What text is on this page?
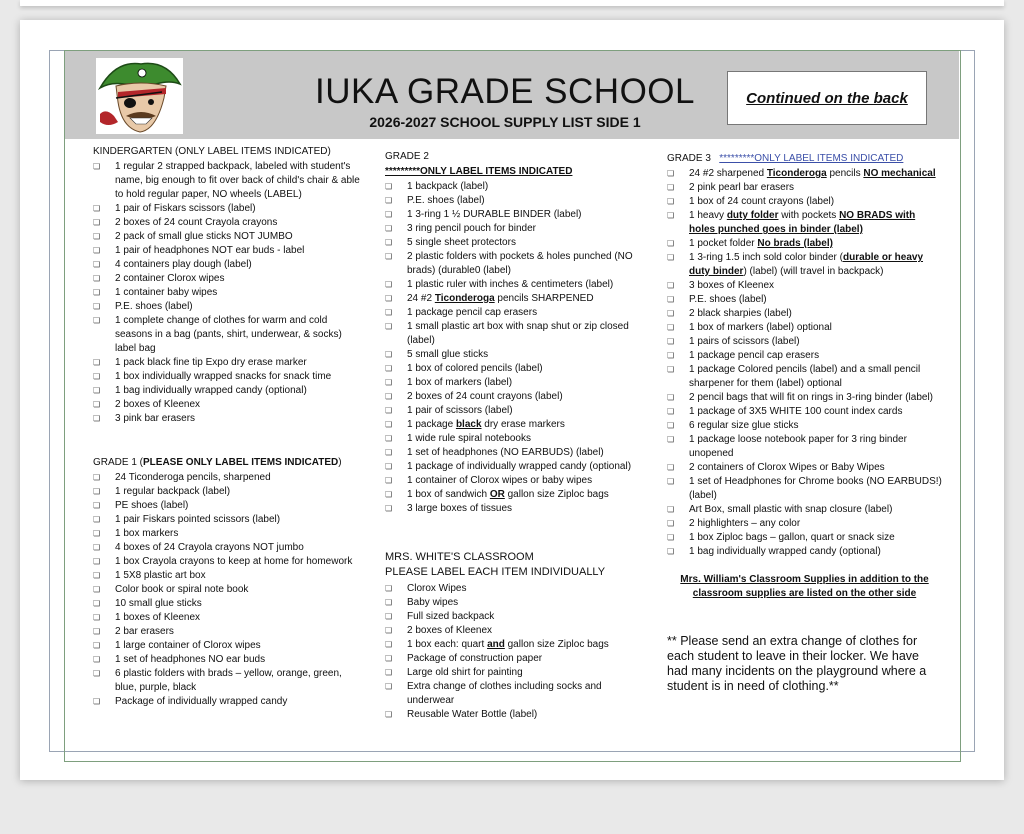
IUKA GRADE SCHOOL
2026-2027 SCHOOL SUPPLY LIST SIDE 1
Continued on the back
KINDERGARTEN (ONLY LABEL ITEMS INDICATED)
❏ 1 regular 2 strapped backpack, labeled with student's name, big enough to fit over back of child's chair & able to hold regular paper, NO wheels (LABEL)
❏ 1 pair of Fiskars scissors (label)
❏ 2 boxes of 24 count Crayola crayons
❏ 2 pack of small glue sticks NOT JUMBO
❏ 1 pair of headphones NOT ear buds - label
❏ 4 containers play dough (label)
❏ 2 container Clorox wipes
❏ 1 container baby wipes
❏ P.E. shoes (label)
❏ 1 complete change of clothes for warm and cold seasons in a bag (pants, shirt, underwear, & socks) label bag
❏ 1 pack black fine tip Expo dry erase marker
❏ 1 box individually wrapped snacks for snack time
❏ 1 bag individually wrapped candy (optional)
❏ 2 boxes of Kleenex
❏ 3 pink bar erasers
GRADE 1 (PLEASE ONLY LABEL ITEMS INDICATED)
❏ 24 Ticonderoga pencils, sharpened
❏ 1 regular backpack (label)
❏ PE shoes (label)
❏ 1 pair Fiskars pointed scissors (label)
❏ 1 box markers
❏ 4 boxes of 24 Crayola crayons NOT jumbo
❏ 1 box Crayola crayons to keep at home for homework
❏ 1 5X8 plastic art box
❏ Color book or spiral note book
❏ 10 small glue sticks
❏ 1 boxes of Kleenex
❏ 2 bar erasers
❏ 1 large container of Clorox wipes
❏ 1 set of headphones NO ear buds
❏ 6 plastic folders with brads – yellow, orange, green, blue, purple, black
❏ Package of individually wrapped candy
GRADE 2
*********ONLY LABEL ITEMS INDICATED
❏ 1 backpack (label)
❏ P.E. shoes (label)
❏ 1 3-ring 1 ½ DURABLE BINDER (label)
❏ 3 ring pencil pouch for binder
❏ 5 single sheet protectors
❏ 2 plastic folders with pockets & holes punched (NO brads) (durable0 (label)
❏ 1 plastic ruler with inches & centimeters (label)
❏ 24 #2 Ticonderoga pencils SHARPENED
❏ 1 package pencil cap erasers
❏ 1 small plastic art box with snap shut or zip closed (label)
❏ 5 small glue sticks
❏ 1 box of colored pencils (label)
❏ 1 box of markers (label)
❏ 2 boxes of 24 count crayons (label)
❏ 1 pair of scissors (label)
❏ 1 package black dry erase markers
❏ 1 wide rule spiral notebooks
❏ 1 set of headphones (NO EARBUDS) (label)
❏ 1 package of individually wrapped candy (optional)
❏ 1 container of Clorox wipes or baby wipes
❏ 1 box of sandwich OR gallon size Ziploc bags
❏ 3 large boxes of tissues
MRS. WHITE'S CLASSROOM
PLEASE LABEL EACH ITEM INDIVIDUALLY
❏ Clorox Wipes
❏ Baby wipes
❏ Full sized backpack
❏ 2 boxes of Kleenex
❏ 1 box each: quart and gallon size Ziploc bags
❏ Package of construction paper
❏ Large old shirt for painting
❏ Extra change of clothes including socks and underwear
❏ Reusable Water Bottle (label)
GRADE 3 *********ONLY LABEL ITEMS INDICATED
❏ 24 #2 sharpened Ticonderoga pencils NO mechanical
❏ 2 pink pearl bar erasers
❏ 1 box of 24 count crayons (label)
❏ 1 heavy duty folder with pockets NO BRADS with holes punched goes in binder (label)
❏ 1 pocket folder No brads (label)
❏ 1 3-ring 1.5 inch sold color binder (durable or heavy duty binder) (label) (will travel in backpack)
❏ 3 boxes of Kleenex
❏ P.E. shoes (label)
❏ 2 black sharpies (label)
❏ 1 box of markers (label) optional
❏ 1 pairs of scissors (label)
❏ 1 package pencil cap erasers
❏ 1 package Colored pencils (label) and a small pencil sharpener for them (label) optional
❏ 2 pencil bags that will fit on rings in 3-ring binder (label)
❏ 1 package of 3X5 WHITE 100 count index cards
❏ 6 regular size glue sticks
❏ 1 package loose notebook paper for 3 ring binder unopened
❏ 2 containers of Clorox Wipes or Baby Wipes
❏ 1 set of Headphones for Chrome books (NO EARBUDS!) (label)
❏ Art Box, small plastic with snap closure (label)
❏ 2 highlighters – any color
❏ 1 box Ziploc bags – gallon, quart or snack size
❏ 1 bag individually wrapped candy (optional)
Mrs. William's Classroom Supplies in addition to the classroom supplies are listed on the other side
** Please send an extra change of clothes for each student to leave in their locker. We have had many incidents on the playground where a student is in need of clothing.**
